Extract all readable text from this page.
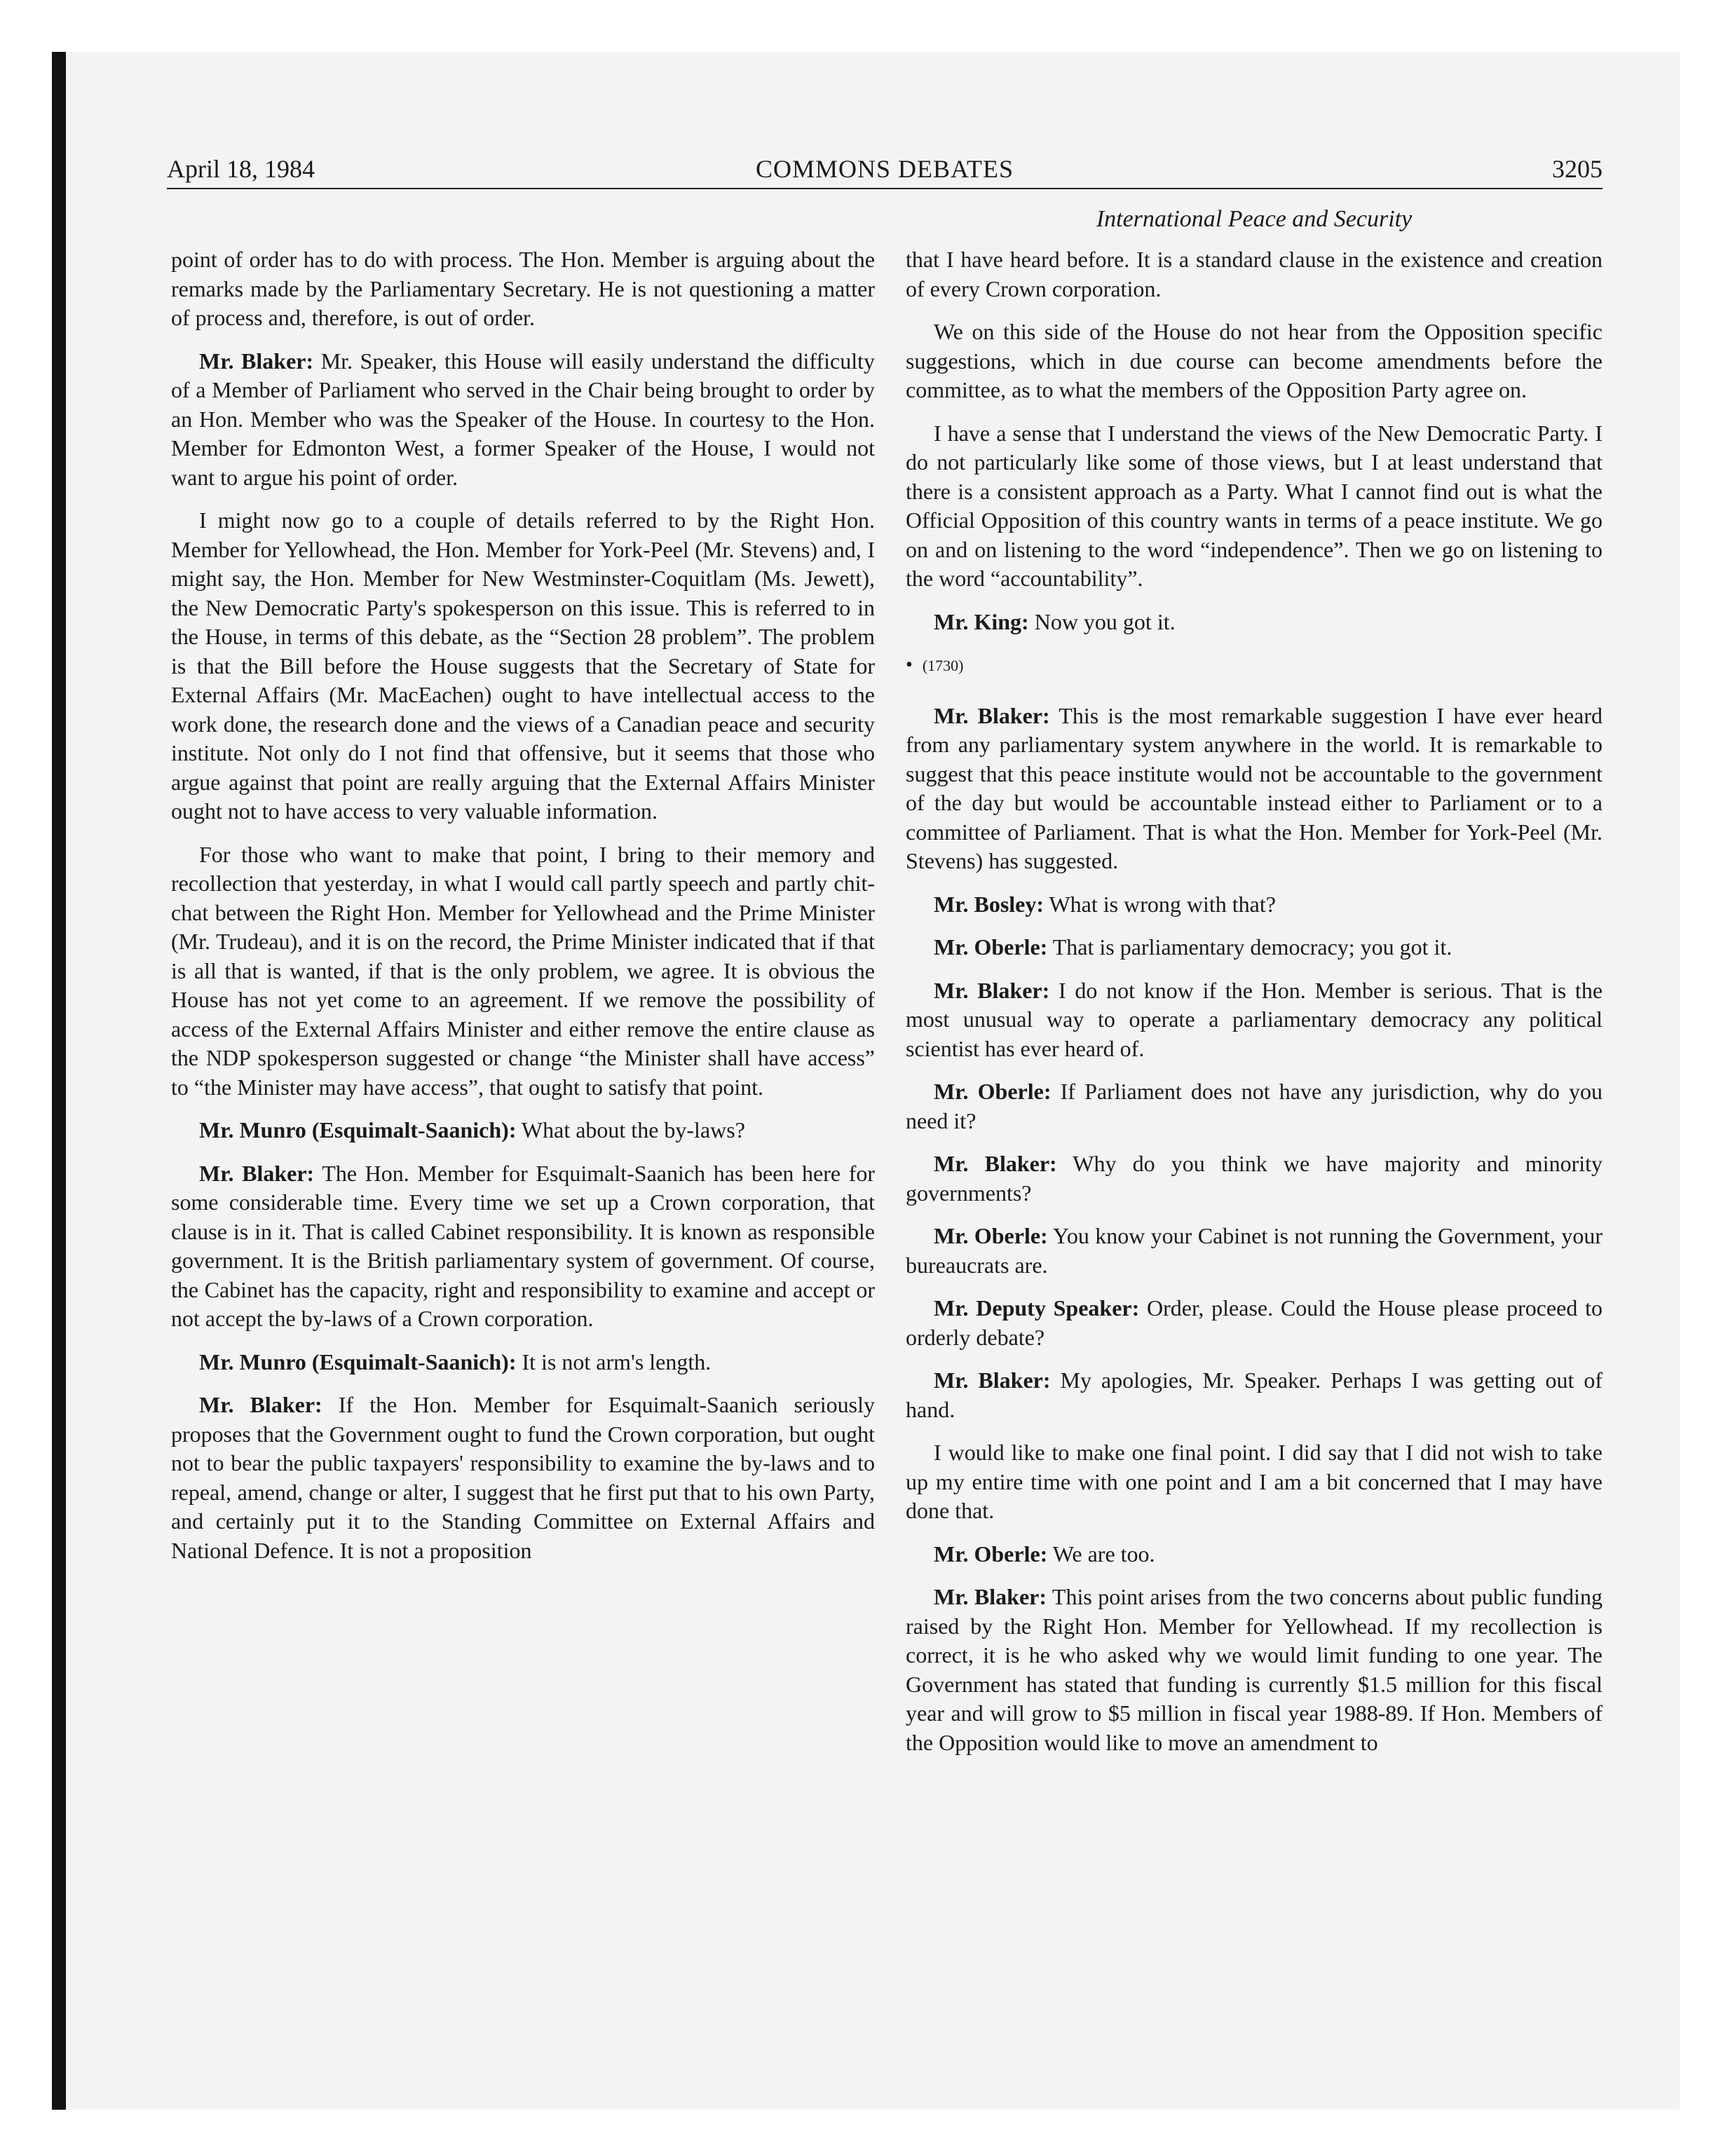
April 18, 1984	COMMONS DEBATES	3205
International Peace and Security

point of order has to do with process. The Hon. Member is arguing about the remarks made by the Parliamentary Secretary. He is not questioning a matter of process and, therefore, is out of order.

Mr. Blaker: Mr. Speaker, this House will easily understand the difficulty of a Member of Parliament who served in the Chair being brought to order by an Hon. Member who was the Speaker of the House. In courtesy to the Hon. Member for Edmonton West, a former Speaker of the House, I would not want to argue his point of order.

I might now go to a couple of details referred to by the Right Hon. Member for Yellowhead, the Hon. Member for York-Peel (Mr. Stevens) and, I might say, the Hon. Member for New Westminster-Coquitlam (Ms. Jewett), the New Democratic Party's spokesperson on this issue. This is referred to in the House, in terms of this debate, as the “Section 28 problem”. The problem is that the Bill before the House suggests that the Secretary of State for External Affairs (Mr. MacEachen) ought to have intellectual access to the work done, the research done and the views of a Canadian peace and security institute. Not only do I not find that offensive, but it seems that those who argue against that point are really arguing that the External Affairs Minister ought not to have access to very valuable information.

For those who want to make that point, I bring to their memory and recollection that yesterday, in what I would call partly speech and partly chit-chat between the Right Hon. Member for Yellowhead and the Prime Minister (Mr. Trudeau), and it is on the record, the Prime Minister indicated that if that is all that is wanted, if that is the only problem, we agree. It is obvious the House has not yet come to an agreement. If we remove the possibility of access of the External Affairs Minister and either remove the entire clause as the NDP spokesperson suggested or change “the Minister shall have access” to “the Minister may have access”, that ought to satisfy that point.

Mr. Munro (Esquimalt-Saanich): What about the by-laws?

Mr. Blaker: The Hon. Member for Esquimalt-Saanich has been here for some considerable time. Every time we set up a Crown corporation, that clause is in it. That is called Cabinet responsibility. It is known as responsible government. It is the British parliamentary system of government. Of course, the Cabinet has the capacity, right and responsibility to examine and accept or not accept the by-laws of a Crown corporation.

Mr. Munro (Esquimalt-Saanich): It is not arm's length.

Mr. Blaker: If the Hon. Member for Esquimalt-Saanich seriously proposes that the Government ought to fund the Crown corporation, but ought not to bear the public taxpayers' responsibility to examine the by-laws and to repeal, amend, change or alter, I suggest that he first put that to his own Party, and certainly put it to the Standing Committee on External Affairs and National Defence. It is not a proposition

that I have heard before. It is a standard clause in the existence and creation of every Crown corporation.

We on this side of the House do not hear from the Opposition specific suggestions, which in due course can become amendments before the committee, as to what the members of the Opposition Party agree on.

I have a sense that I understand the views of the New Democratic Party. I do not particularly like some of those views, but I at least understand that there is a consistent approach as a Party. What I cannot find out is what the Official Opposition of this country wants in terms of a peace institute. We go on and on listening to the word “independence”. Then we go on listening to the word “accountability”.

Mr. King: Now you got it.

• (1730)

Mr. Blaker: This is the most remarkable suggestion I have ever heard from any parliamentary system anywhere in the world. It is remarkable to suggest that this peace institute would not be accountable to the government of the day but would be accountable instead either to Parliament or to a committee of Parliament. That is what the Hon. Member for York-Peel (Mr. Stevens) has suggested.

Mr. Bosley: What is wrong with that?

Mr. Oberle: That is parliamentary democracy; you got it.

Mr. Blaker: I do not know if the Hon. Member is serious. That is the most unusual way to operate a parliamentary democracy any political scientist has ever heard of.

Mr. Oberle: If Parliament does not have any jurisdiction, why do you need it?

Mr. Blaker: Why do you think we have majority and minority governments?

Mr. Oberle: You know your Cabinet is not running the Government, your bureaucrats are.

Mr. Deputy Speaker: Order, please. Could the House please proceed to orderly debate?

Mr. Blaker: My apologies, Mr. Speaker. Perhaps I was getting out of hand.

I would like to make one final point. I did say that I did not wish to take up my entire time with one point and I am a bit concerned that I may have done that.

Mr. Oberle: We are too.

Mr. Blaker: This point arises from the two concerns about public funding raised by the Right Hon. Member for Yellowhead. If my recollection is correct, it is he who asked why we would limit funding to one year. The Government has stated that funding is currently $1.5 million for this fiscal year and will grow to $5 million in fiscal year 1988-89. If Hon. Members of the Opposition would like to move an amendment to
